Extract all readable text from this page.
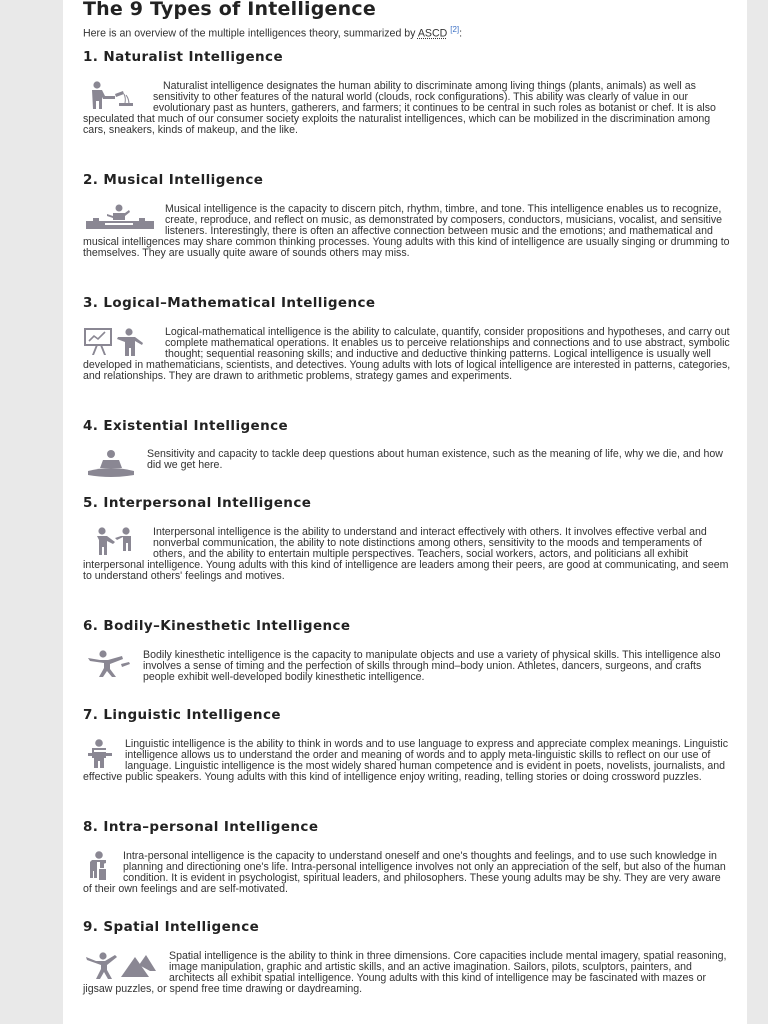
The 9 Types of Intelligence

Here is an overview of the multiple intelligences theory, summarized by ASCD [2]:

1. Naturalist Intelligence

Naturalist intelligence designates the human ability to discriminate among living things (plants, animals) as well as sensitivity to other features of the natural world (clouds, rock configurations). This ability was clearly of value in our evolutionary past as hunters, gatherers, and farmers; it continues to be central in such roles as botanist or chef. It is also speculated that much of our consumer society exploits the naturalist intelligences, which can be mobilized in the discrimination among cars, sneakers, kinds of makeup, and the like.

2. Musical Intelligence

Musical intelligence is the capacity to discern pitch, rhythm, timbre, and tone. This intelligence enables us to recognize, create, reproduce, and reflect on music, as demonstrated by composers, conductors, musicians, vocalist, and sensitive listeners. Interestingly, there is often an affective connection between music and the emotions; and mathematical and musical intelligences may share common thinking processes. Young adults with this kind of intelligence are usually singing or drumming to themselves. They are usually quite aware of sounds others may miss.

3. Logical–Mathematical Intelligence

Logical-mathematical intelligence is the ability to calculate, quantify, consider propositions and hypotheses, and carry out complete mathematical operations. It enables us to perceive relationships and connections and to use abstract, symbolic thought; sequential reasoning skills; and inductive and deductive thinking patterns. Logical intelligence is usually well developed in mathematicians, scientists, and detectives. Young adults with lots of logical intelligence are interested in patterns, categories, and relationships. They are drawn to arithmetic problems, strategy games and experiments.

4. Existential Intelligence

Sensitivity and capacity to tackle deep questions about human existence, such as the meaning of life, why we die, and how did we get here.

5. Interpersonal Intelligence

Interpersonal intelligence is the ability to understand and interact effectively with others. It involves effective verbal and nonverbal communication, the ability to note distinctions among others, sensitivity to the moods and temperaments of others, and the ability to entertain multiple perspectives. Teachers, social workers, actors, and politicians all exhibit interpersonal intelligence. Young adults with this kind of intelligence are leaders among their peers, are good at communicating, and seem to understand others' feelings and motives.

6. Bodily–Kinesthetic Intelligence

Bodily kinesthetic intelligence is the capacity to manipulate objects and use a variety of physical skills. This intelligence also involves a sense of timing and the perfection of skills through mind–body union. Athletes, dancers, surgeons, and crafts people exhibit well-developed bodily kinesthetic intelligence.

7. Linguistic Intelligence

Linguistic intelligence is the ability to think in words and to use language to express and appreciate complex meanings. Linguistic intelligence allows us to understand the order and meaning of words and to apply meta-linguistic skills to reflect on our use of language. Linguistic intelligence is the most widely shared human competence and is evident in poets, novelists, journalists, and effective public speakers. Young adults with this kind of intelligence enjoy writing, reading, telling stories or doing crossword puzzles.

8. Intra–personal Intelligence

Intra-personal intelligence is the capacity to understand oneself and one's thoughts and feelings, and to use such knowledge in planning and directioning one's life. Intra-personal intelligence involves not only an appreciation of the self, but also of the human condition. It is evident in psychologist, spiritual leaders, and philosophers. These young adults may be shy. They are very aware of their own feelings and are self-motivated.

9. Spatial Intelligence

Spatial intelligence is the ability to think in three dimensions. Core capacities include mental imagery, spatial reasoning, image manipulation, graphic and artistic skills, and an active imagination. Sailors, pilots, sculptors, painters, and architects all exhibit spatial intelligence. Young adults with this kind of intelligence may be fascinated with mazes or jigsaw puzzles, or spend free time drawing or daydreaming.
